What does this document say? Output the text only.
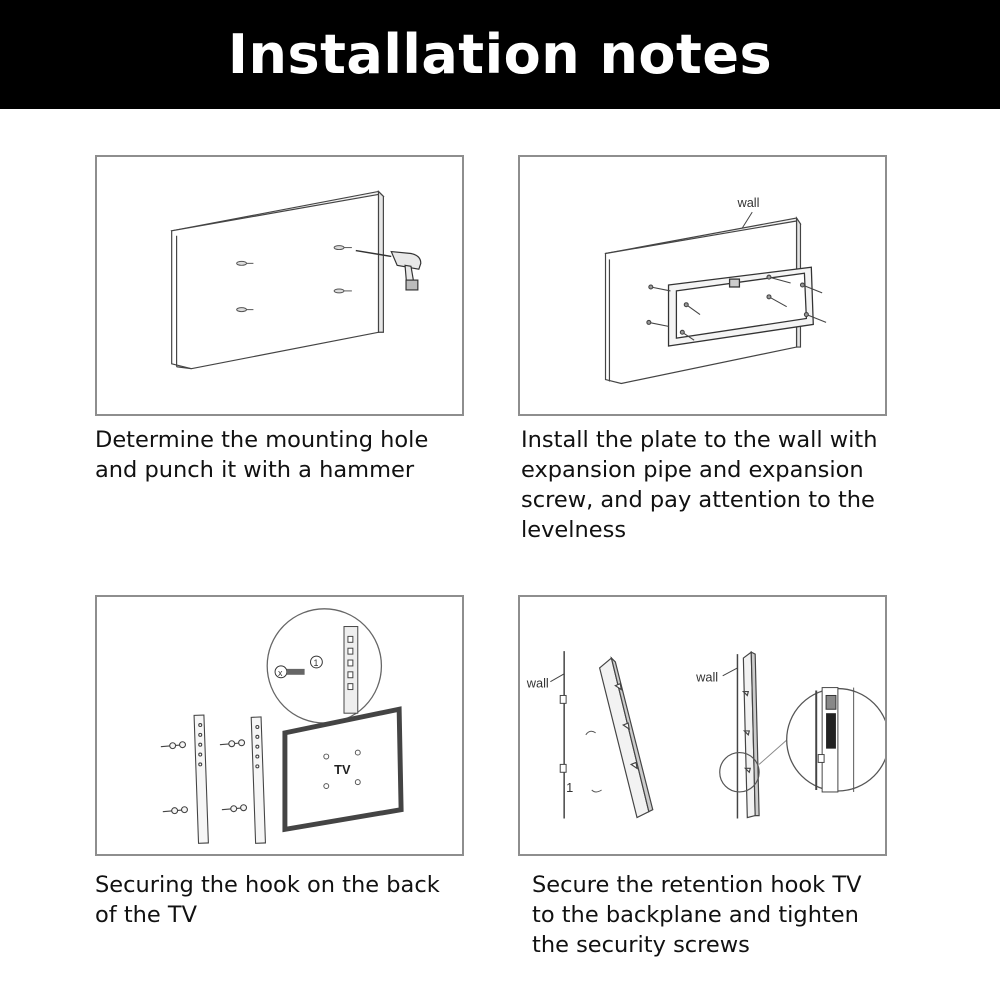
Installation notes
Determine the mounting hole
and punch it with a hammer
wall
Install the plate to the wall with
expansion pipe and expansion
screw, and pay attention to the
levelness
x
1
TV
Securing the hook on the back
of the TV
wall
1
wall
Secure the retention hook TV
to the backplane and tighten
the security screws
